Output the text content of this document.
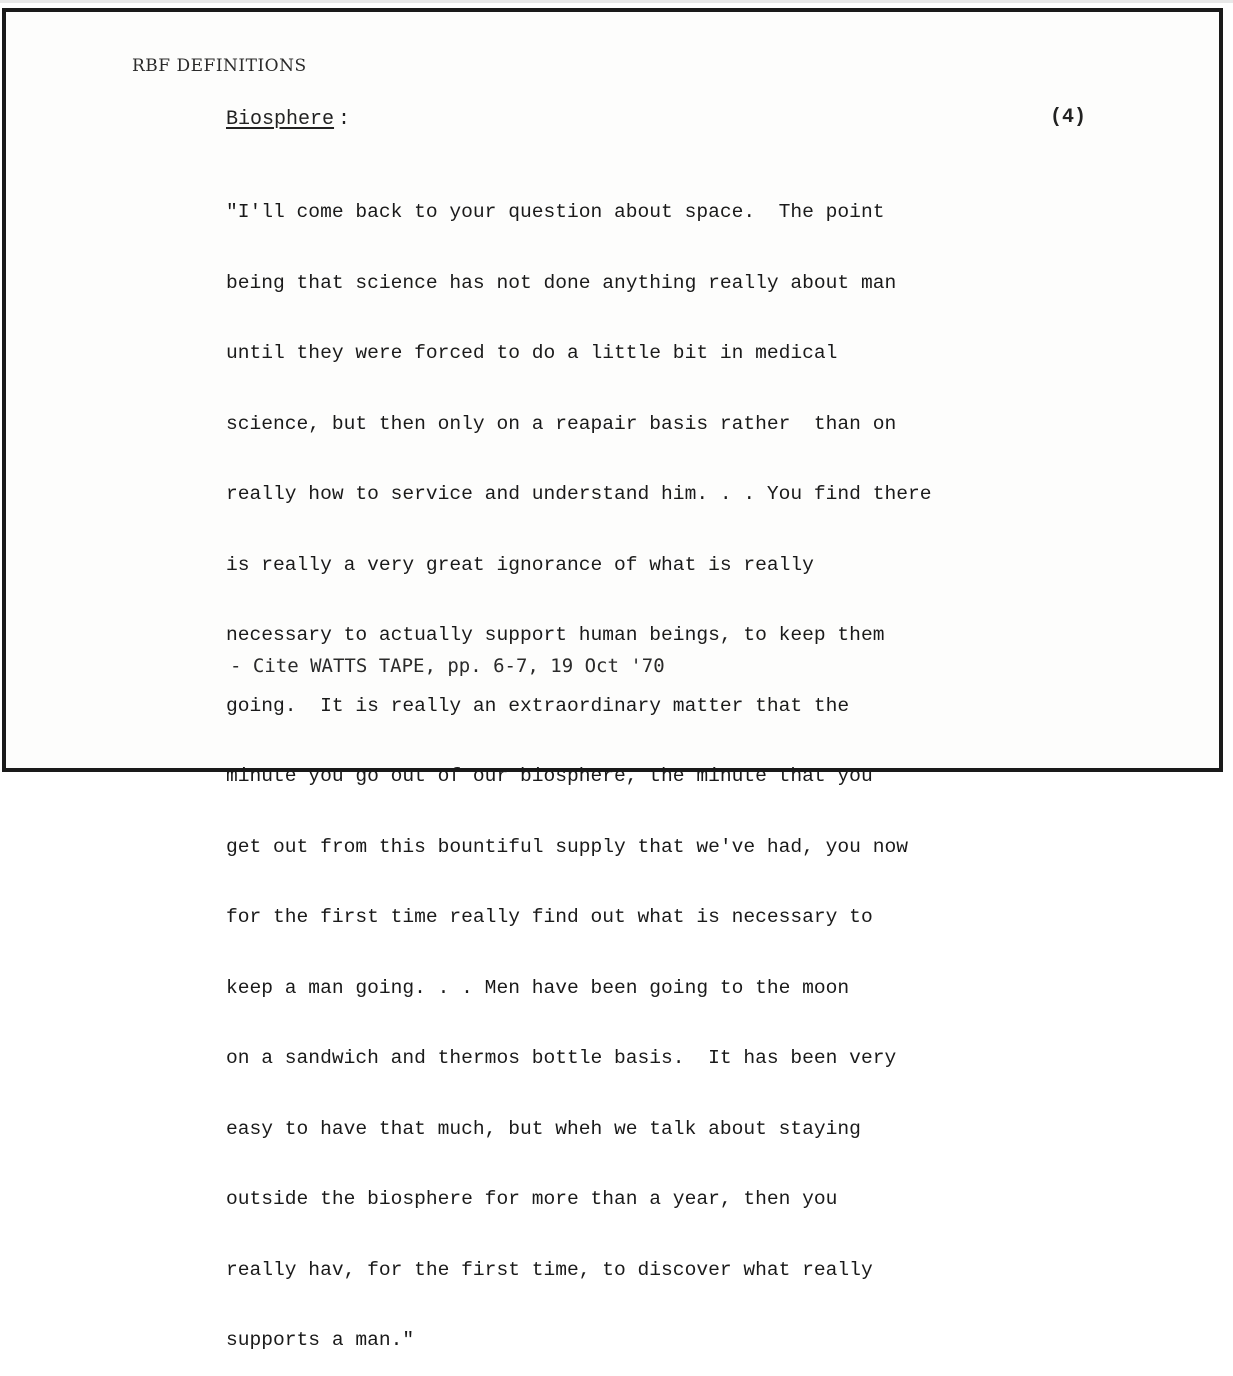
RBF DEFINITIONS
Biosphere :	(4)

"I'll come back to your question about space.  The point

being that science has not done anything really about man

until they were forced to do a little bit in medical

science, but then only on a reapair basis rather  than on

really how to service and understand him. . . You find there

is really a very great ignorance of what is really

necessary to actually support human beings, to keep them

going.  It is really an extraordinary matter that the

minute you go out of our biosphere, the minute that you

get out from this bountiful supply that we've had, you now

for the first time really find out what is necessary to

keep a man going. . . Men have been going to the moon

on a sandwich and thermos bottle basis.  It has been very

easy to have that much, but wheh we talk about staying

outside the biosphere for more than a year, then you

really hav, for the first time, to discover what really

supports a man."

- Cite WATTS TAPE, pp. 6-7, 19 Oct '70
